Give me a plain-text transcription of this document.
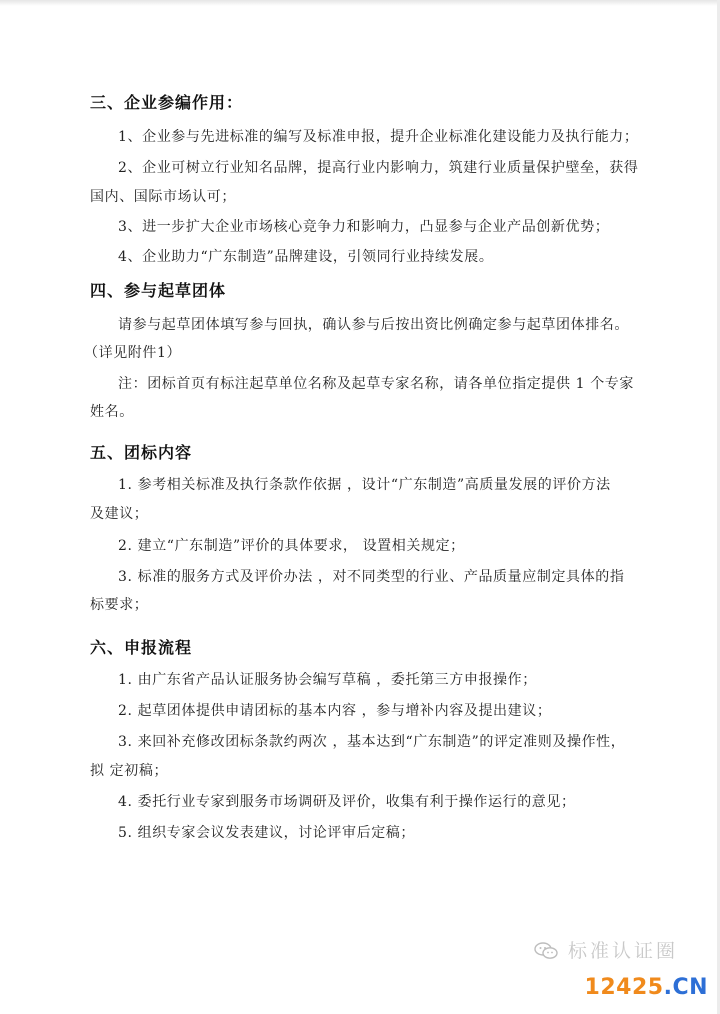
三、企业参编作用：
1、企业参与先进标准的编写及标准申报，提升企业标准化建设能力及执行能力；
2、企业可树立行业知名品牌，提高行业内影响力，筑建行业质量保护壁垒，获得
国内、国际市场认可；
3、进一步扩大企业市场核心竞争力和影响力，凸显参与企业产品创新优势；
4、企业助力“广东制造”品牌建设，引领同行业持续发展。
四、参与起草团体
请参与起草团体填写参与回执，确认参与后按出资比例确定参与起草团体排名。
（详见附件1）
注：团标首页有标注起草单位名称及起草专家名称，请各单位指定提供 1 个专家
姓名。
五、团标内容
1. 参考相关标准及执行条款作依据 ，设计“广东制造”高质量发展的评价方法
及建议；
2. 建立“广东制造”评价的具体要求， 设置相关规定；
3. 标准的服务方式及评价办法 ，对不同类型的行业、产品质量应制定具体的指
标要求；
六、申报流程
1. 由广东省产品认证服务协会编写草稿 ，委托第三方申报操作；
2. 起草团体提供申请团标的基本内容 ，参与增补内容及提出建议；
3. 来回补充修改团标条款约两次 ，基本达到“广东制造”的评定准则及操作性，
拟 定初稿；
4. 委托行业专家到服务市场调研及评价，收集有利于操作运行的意见；
5. 组织专家会议发表建议，讨论评审后定稿；
标准认证圈
12425.CN
